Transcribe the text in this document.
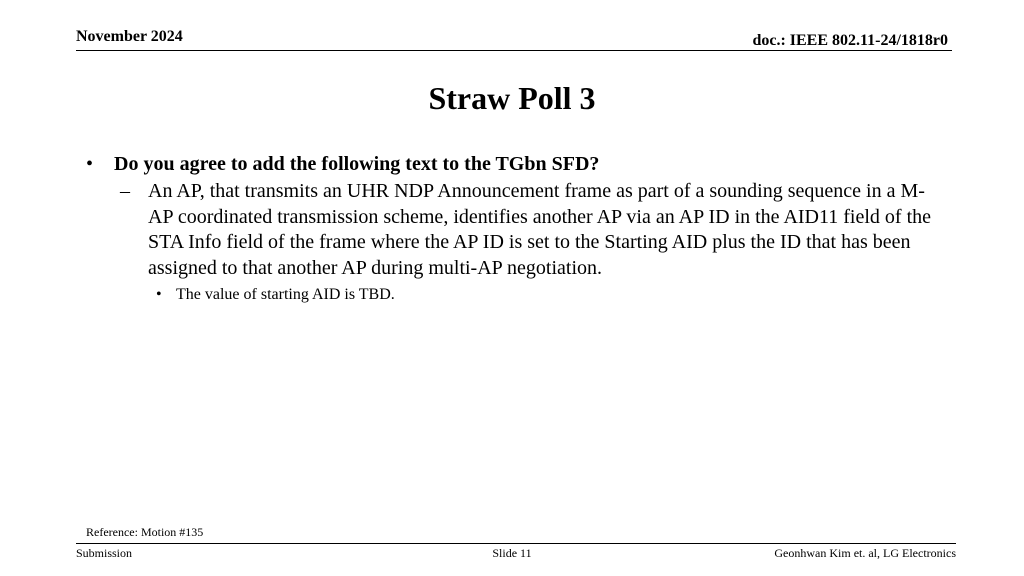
November 2024	doc.: IEEE 802.11-24/1818r0
Straw Poll 3
• Do you agree to add the following text to the TGbn SFD?
– An AP, that transmits an UHR NDP Announcement frame as part of a sounding sequence in a M-AP coordinated transmission scheme, identifies another AP via an AP ID in the AID11 field of the STA Info field of the frame where the AP ID is set to the Starting AID plus the ID that has been assigned to that another AP during multi-AP negotiation.
• The value of starting AID is TBD.
Reference: Motion #135
Submission	Slide 11	Geonhwan Kim et. al, LG Electronics
